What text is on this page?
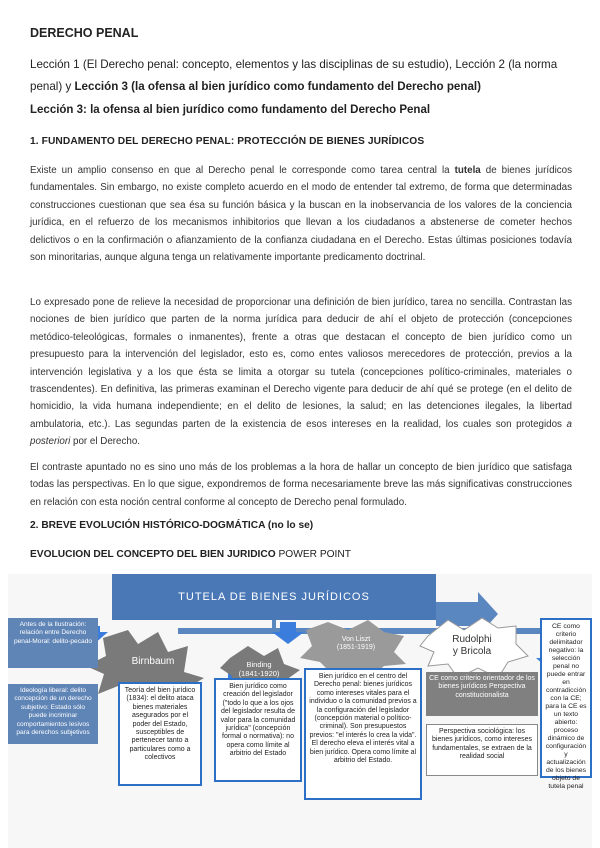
DERECHO PENAL

Lección 1 (El Derecho penal: concepto, elementos y las disciplinas de su estudio), Lección 2 (la norma penal) y Lección 3 (la ofensa al bien jurídico como fundamento del Derecho penal)

Lección 3: la ofensa al bien jurídico como fundamento del Derecho Penal

1. FUNDAMENTO DEL DERECHO PENAL: PROTECCIÓN DE BIENES JURÍDICOS

Existe un amplio consenso en que al Derecho penal le corresponde como tarea central la tutela de bienes jurídicos fundamentales. Sin embargo, no existe completo acuerdo en el modo de entender tal extremo, de forma que determinadas construcciones cuestionan que sea ésa su función básica y la buscan en la inobservancia de los valores de la conciencia jurídica, en el refuerzo de los mecanismos inhibitorios que llevan a los ciudadanos a abstenerse de cometer hechos delictivos o en la confirmación o afianzamiento de la confianza ciudadana en el Derecho. Estas últimas posiciones todavía son minoritarias, aunque alguna tenga un relativamente importante predicamento doctrinal.

Lo expresado pone de relieve la necesidad de proporcionar una definición de bien jurídico, tarea no sencilla. Contrastan las nociones de bien jurídico que parten de la norma jurídica para deducir de ahí el objeto de protección (concepciones metódico-teleológicas, formales o inmanentes), frente a otras que destacan el concepto de bien jurídico como un presupuesto para la intervención del legislador, esto es, como entes valiosos merecedores de protección, previos a la intervención legislativa y a los que ésta se limita a otorgar su tutela (concepciones político-criminales, materiales o trascendentes). En definitiva, las primeras examinan el Derecho vigente para deducir de ahí qué se protege (en el delito de homicidio, la vida humana independiente; en el delito de lesiones, la salud; en las detenciones ilegales, la libertad ambulatoria, etc.). Las segundas parten de la existencia de esos intereses en la realidad, los cuales son protegidos a posteriori por el Derecho.

El contraste apuntado no es sino uno más de los problemas a la hora de hallar un concepto de bien jurídico que satisfaga todas las perspectivas. En lo que sigue, expondremos de forma necesariamente breve las más significativas construcciones en relación con esta noción central conforme al concepto de Derecho penal formulado.

2. BREVE EVOLUCIÓN HISTÓRICO-DOGMÁTICA (no lo se)

EVOLUCION DEL CONCEPTO DEL BIEN JURIDICO POWER POINT

TUTELA DE BIENES JURÍDICOS
Antes de la Ilustración: relación entre Derecho penal-Moral: delito-pecado
Ideología liberal: delito concepción de un derecho subjetivo: Estado sólo puede incriminar comportamientos lesivos para derechos subjetivos
Birnbaum	Binding
(1841-1920)
Von Liszt
(1851-1919)
Rudolphi
y Bricola
Teoría del bien jurídico (1834): el delito ataca bienes materiales asegurados por el poder del Estado, susceptibles de pertenecer tanto a particulares como a colectivos
Bien jurídico como creación del legislador ("todo lo que a los ojos del legislador resulta de valor para la comunidad jurídica" (concepción formal o normativa): no opera como límite al arbitrio del Estado
Bien jurídico en el centro del Derecho penal: bienes jurídicos como intereses vitales para el individuo o la comunidad previos a la configuración del legislador (concepción material o político-criminal). Son presupuestos previos: "el interés lo crea la vida". El derecho eleva el interés vital a bien jurídico. Opera como límite al arbitrio del Estado.
CE como criterio orientador de los bienes jurídicos Perspectiva constitucionalista
Perspectiva sociológica: los bienes jurídicos, como intereses fundamentales, se extraen de la realidad social
CE como criterio delimitador negativo: la selección penal no puede entrar en contradicción con la CE; para la CE es un texto abierto: proceso dinámico de configuración y actualización de los bienes objeto de tutela penal
